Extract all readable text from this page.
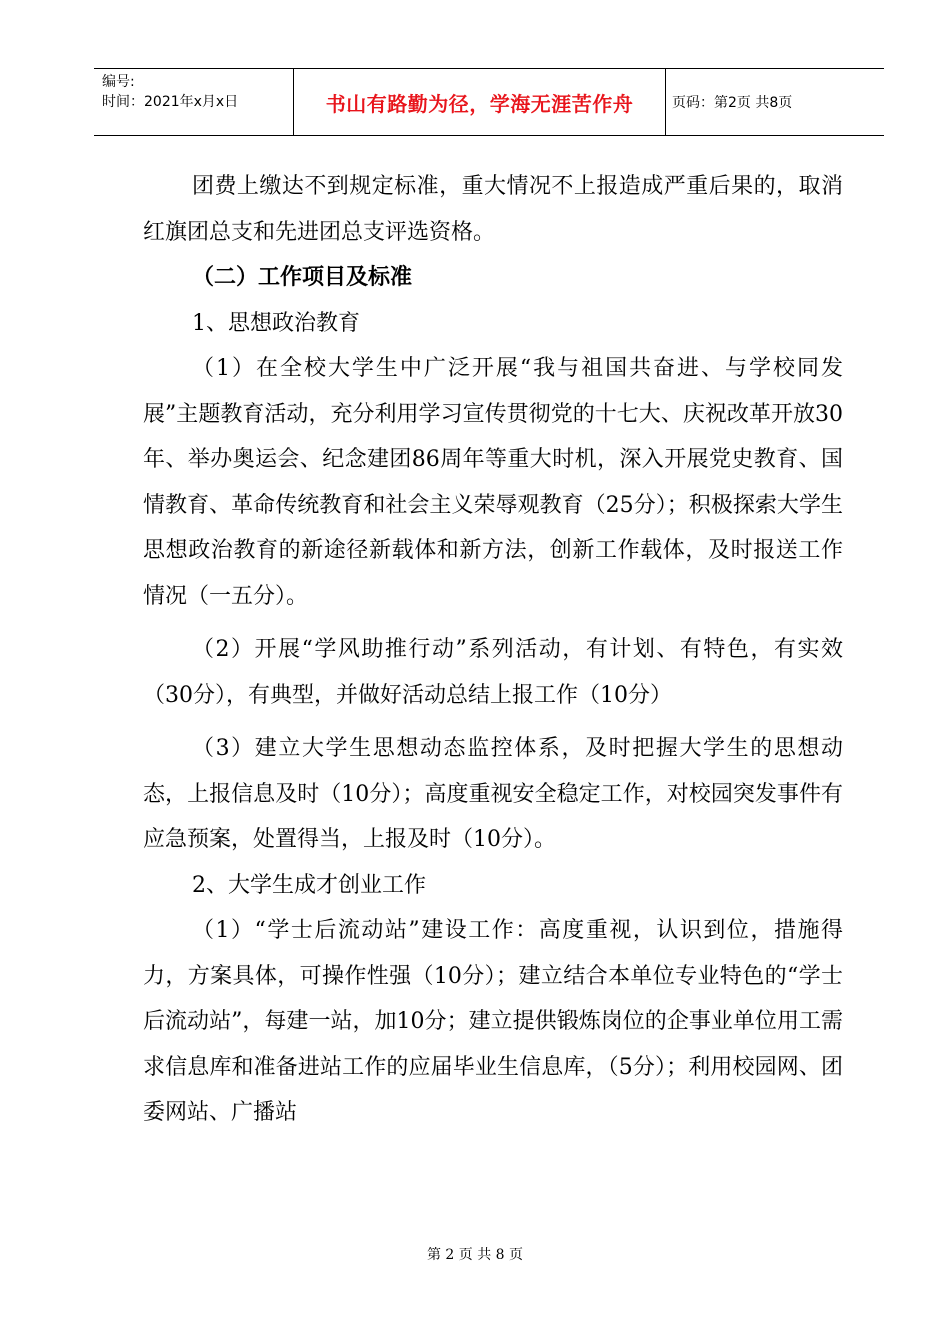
编号:
时间：2021年x月x日	书山有路勤为径，学海无涯苦作舟	页码：第2页 共8页

团费上缴达不到规定标准，重大情况不上报造成严重后果的，取消红旗团总支和先进团总支评选资格。

（二）工作项目及标准

1、思想政治教育

（1）在全校大学生中广泛开展“我与祖国共奋进、与学校同发展”主题教育活动，充分利用学习宣传贯彻党的十七大、庆祝改革开放30年、举办奥运会、纪念建团86周年等重大时机，深入开展党史教育、国情教育、革命传统教育和社会主义荣辱观教育（25分）；积极探索大学生思想政治教育的新途径新载体和新方法，创新工作载体，及时报送工作情况（一五分）。

（2）开展“学风助推行动”系列活动，有计划、有特色，有实效（30分），有典型，并做好活动总结上报工作（10分）

（3）建立大学生思想动态监控体系，及时把握大学生的思想动态，上报信息及时（10分）；高度重视安全稳定工作，对校园突发事件有应急预案，处置得当，上报及时（10分）。

2、大学生成才创业工作

（1）“学士后流动站”建设工作：高度重视，认识到位，措施得力，方案具体，可操作性强（10分）；建立结合本单位专业特色的“学士后流动站”，每建一站，加10分；建立提供锻炼岗位的企事业单位用工需求信息库和准备进站工作的应届毕业生信息库，（5分）；利用校园网、团委网站、广播站

第 2 页 共 8 页
